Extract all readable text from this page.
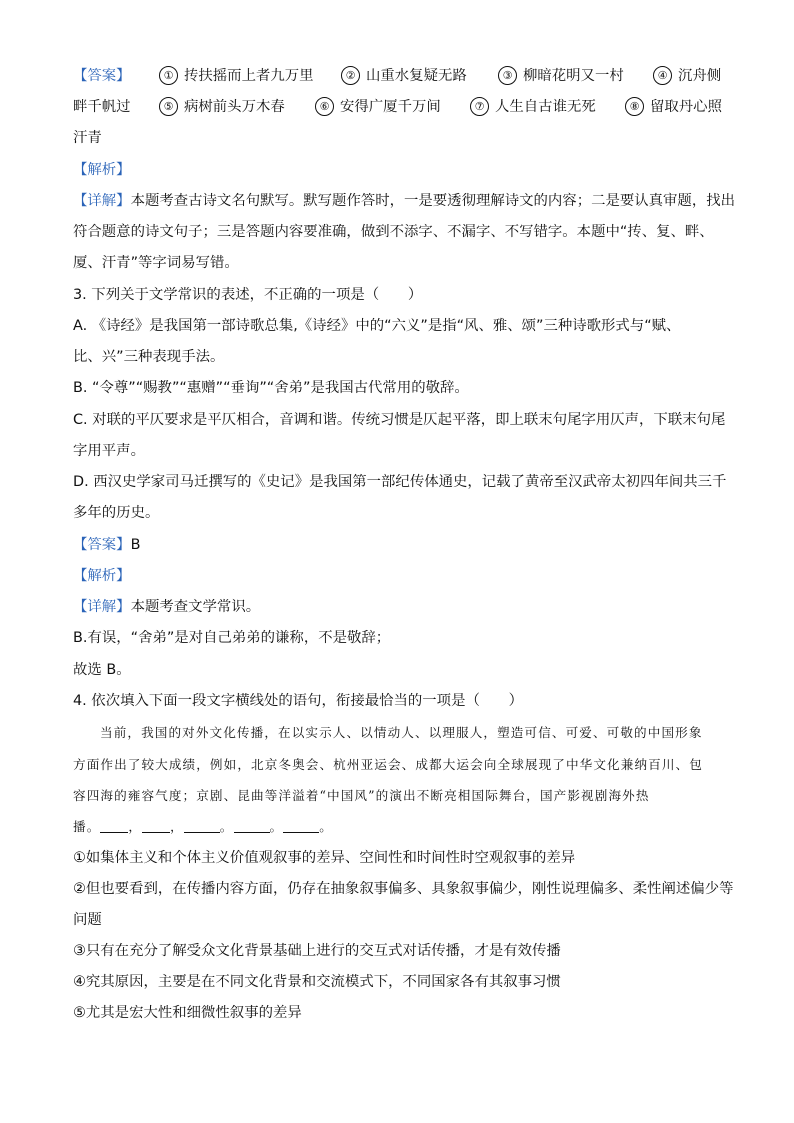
【答案】	① 抟扶摇而上者九万里	② 山重水复疑无路	③ 柳暗花明又一村	④ 沉舟侧
畔千帆过	⑤ 病树前头万木春	⑥ 安得广厦千万间	⑦ 人生自古谁无死	⑧ 留取丹心照
汗青
【解析】
【详解】本题考查古诗文名句默写。默写题作答时，一是要透彻理解诗文的内容；二是要认真审题，找出
符合题意的诗文句子；三是答题内容要准确，做到不添字、不漏字、不写错字。本题中“抟、复、畔、
厦、汗青”等字词易写错。
3. 下列关于文学常识的表述，不正确的一项是（　　）
A. 《诗经》是我国第一部诗歌总集,《诗经》中的“六义”是指“风、雅、颂”三种诗歌形式与“赋、
比、兴”三种表现手法。
B. “令尊”“赐教”“惠赠”“垂询”“舍弟”是我国古代常用的敬辞。
C. 对联的平仄要求是平仄相合，音调和谐。传统习惯是仄起平落，即上联末句尾字用仄声，下联末句尾
字用平声。
D. 西汉史学家司马迁撰写的《史记》是我国第一部纪传体通史，记载了黄帝至汉武帝太初四年间共三千
多年的历史。
【答案】B
【解析】
【详解】本题考查文学常识。
B.有误，“舍弟”是对自己弟弟的谦称，不是敬辞；
故选 B。
4. 依次填入下面一段文字横线处的语句，衔接最恰当的一项是（　　）
当前，我国的对外文化传播，在以实示人、以情动人、以理服人，塑造可信、可爱、可敬的中国形象
方面作出了较大成绩，例如，北京冬奥会、杭州亚运会、成都大运会向全球展现了中华文化兼纳百川、包
容四海的雍容气度；京剧、昆曲等洋溢着“中国风”的演出不断亮相国际舞台，国产影视剧海外热
播。 ， ，	。	。	。
①如集体主义和个体主义价值观叙事的差异、空间性和时间性时空观叙事的差异
②但也要看到，在传播内容方面，仍存在抽象叙事偏多、具象叙事偏少，刚性说理偏多、柔性阐述偏少等
问题
③只有在充分了解受众文化背景基础上进行的交互式对话传播，才是有效传播
④究其原因，主要是在不同文化背景和交流模式下，不同国家各有其叙事习惯
⑤尤其是宏大性和细微性叙事的差异
